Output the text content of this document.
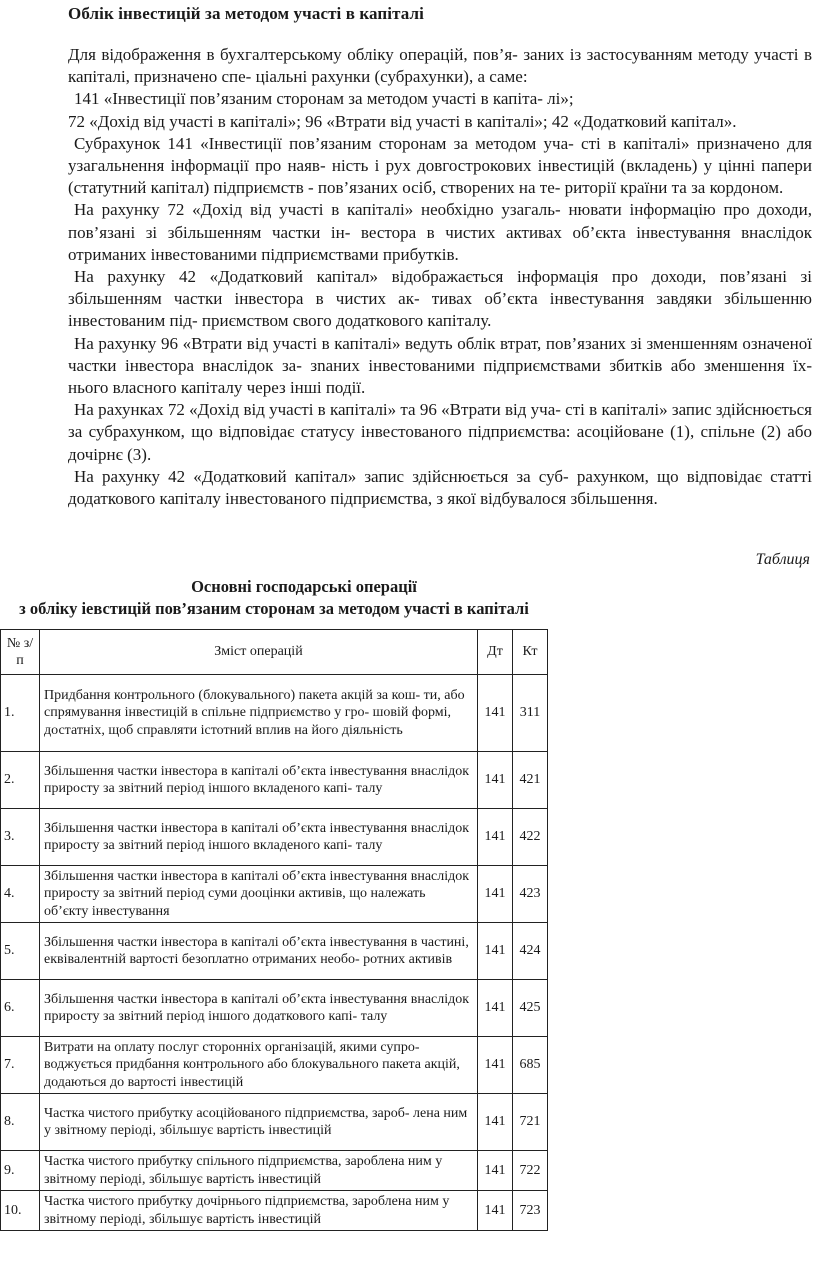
Облік інвестицій за методом участі в капіталі

Для відображення в бухгалтерському обліку операцій, пов’я- заних із застосуванням методу участі в капіталі, призначено спе- ціальні рахунки (субрахунки), а саме:

141 «Інвестиції пов’язаним сторонам за методом участі в капіта- лі»;

72 «Дохід від участі в капіталі»; 96 «Втрати від участі в капіталі»; 42 «Додатковий капітал».

Субрахунок 141 «Інвестиції пов’язаним сторонам за методом уча- сті в капіталі» призначено для узагальнення інформації про наяв- ність і рух довгострокових інвестицій (вкладень) у цінні папери (статутний капітал) підприємств - пов’язаних осіб, створених на те- риторії країни та за кордоном.

На рахунку 72 «Дохід від участі в капіталі» необхідно узагаль- нювати інформацію про доходи, пов’язані зі збільшенням частки ін- вестора в чистих активах об’єкта інвестування внаслідок отриманих інвестованими підприємствами прибутків.

На рахунку 42 «Додатковий капітал» відображається інформація про доходи, пов’язані зі збільшенням частки інвестора в чистих ак- тивах об’єкта інвестування завдяки збільшенню інвестованим під- приємством свого додаткового капіталу.

На рахунку 96 «Втрати від участі в капіталі» ведуть облік втрат, пов’язаних зі зменшенням означеної частки інвестора внаслідок за- зnаних інвестованими підприємствами збитків або зменшення їх- нього власного капіталу через інші події.

На рахунках 72 «Дохід від участі в капіталі» та 96 «Втрати від уча- сті в капіталі» запис здійснюється за субрахунком, що відповідає статусу інвестованого підприємства: асоційоване (1), спільне (2) або дочірнє (3).

На рахунку 42 «Додатковий капітал» запис здійснюється за суб- рахунком, що відповідає статті додаткового капіталу інвестованого підприємства, з якої відбувалося збільшення.

Таблиця
Основні господарські операції
з обліку іевстицій пов’язаним сторонам за методом участі в капіталі
№ з/п	Зміст операцій	Дт	Кт
1.	Придбання контрольного (блокувального) пакета акцій за кош- ти, або спрямування інвестицій в спільне підприємство у гро- шовій формі, достатніх, щоб справляти істотний вплив на його діяльність	141	311
2.	Збільшення частки інвестора в капіталі об’єкта інвестування внаслідок приросту за звітний період іншого вкладеного капі- талу	141	421
3.	Збільшення частки інвестора в капіталі об’єкта інвестування внаслідок приросту за звітний період іншого вкладеного капі- талу	141	422
4.	Збільшення частки інвестора в капіталі об’єкта інвестування внаслідок приросту за звітний період суми дооцінки активів, що належать об’єкту інвестування	141	423
5.	Збільшення частки інвестора в капіталі об’єкта інвестування в частині, еквівалентній вартості безоплатно отриманих необо- ротних активів	141	424
6.	Збільшення частки інвестора в капіталі об’єкта інвестування внаслідок приросту за звітний період іншого додаткового капі- талу	141	425
7.	Витрати на оплату послуг сторонніх організацій, якими супро- воджується придбання контрольного або блокувального пакета акцій, додаються до вартості інвестицій	141	685
8.	Частка чистого прибутку асоційованого підприємства, зароб- лена ним у звітному періоді, збільшує вартість інвестицій	141	721
9.	Частка чистого прибутку спільного підприємства, зароблена ним у звітному періоді, збільшує вартість інвестицій	141	722
10.	Частка чистого прибутку дочірнього підприємства, зароблена ним у звітному періоді, збільшує вартість інвестицій	141	723
